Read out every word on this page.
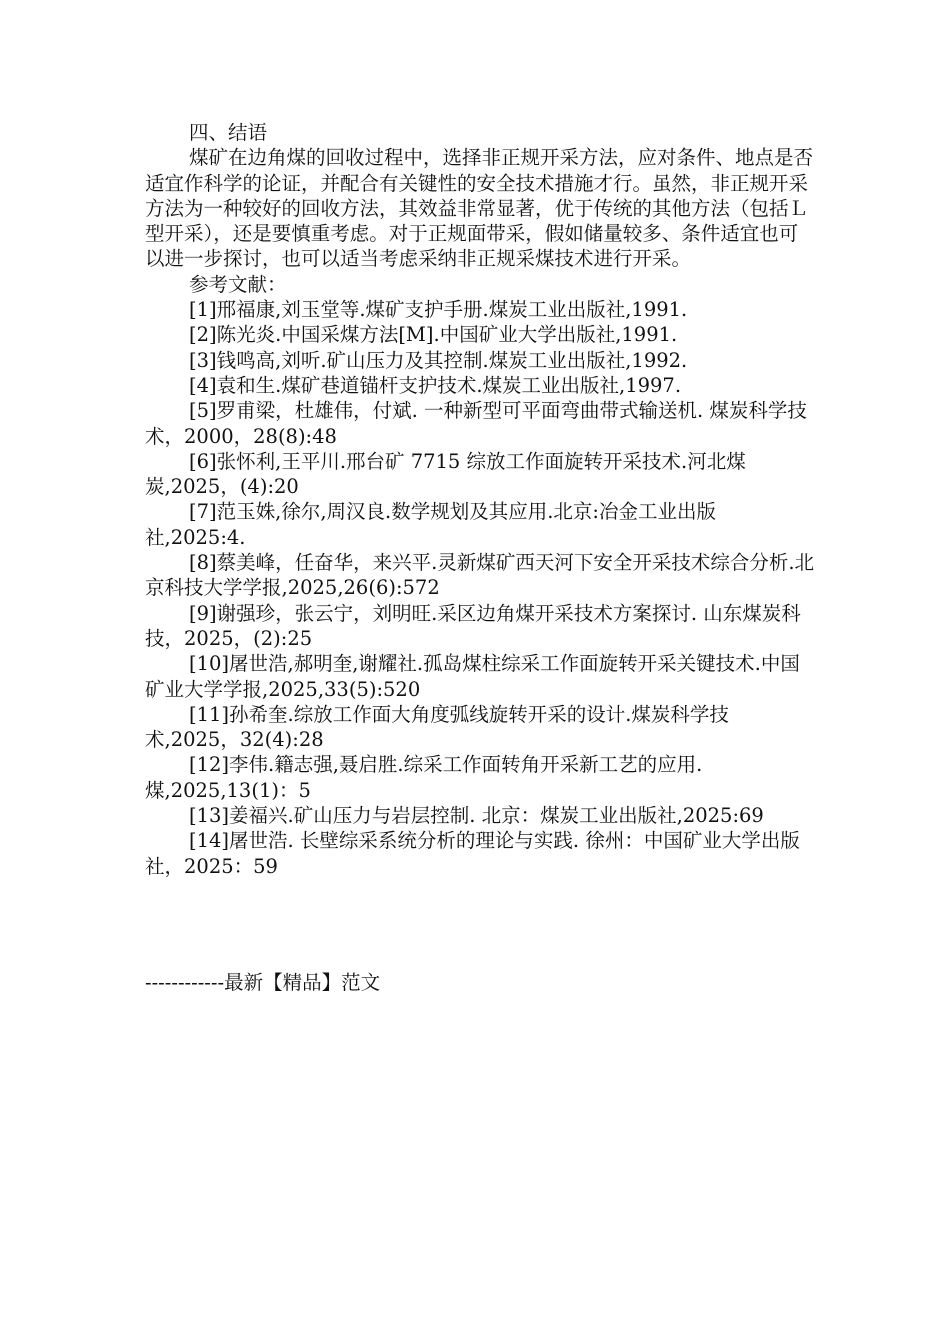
四、结语

煤矿在边角煤的回收过程中，选择非正规开采方法，应对条件、地点是否适宜作科学的论证，并配合有关键性的安全技术措施才行。虽然，非正规开采方法为一种较好的回收方法，其效益非常显著，优于传统的其他方法（包括Ｌ型开采），还是要慎重考虑。对于正规面带采，假如储量较多、条件适宜也可以进一步探讨，也可以适当考虑采纳非正规采煤技术进行开采。

参考文献：

[1]邢福康,刘玉堂等.煤矿支护手册.煤炭工业出版社,1991.

[2]陈光炎.中国采煤方法[M].中国矿业大学出版社,1991.

[3]钱鸣高,刘听.矿山压力及其控制.煤炭工业出版社,1992.

[4]袁和生.煤矿巷道锚杆支护技术.煤炭工业出版社,1997.

[5]罗甫梁，杜雄伟，付斌. 一种新型可平面弯曲带式输送机. 煤炭科学技术，2000，28(8):48

[6]张怀利,王平川.邢台矿 7715 综放工作面旋转开采技术.河北煤炭,2025，(4):20

[7]范玉姝,徐尔,周汉良.数学规划及其应用.北京:冶金工业出版社,2025:4.

[8]蔡美峰，任奋华，来兴平.灵新煤矿西天河下安全开采技术综合分析.北京科技大学学报,2025,26(6):572

[9]谢强珍，张云宁，刘明旺.采区边角煤开采技术方案探讨. 山东煤炭科技，2025，(2):25

[10]屠世浩,郝明奎,谢耀社.孤岛煤柱综采工作面旋转开采关键技术.中国矿业大学学报,2025,33(5):520

[11]孙希奎.综放工作面大角度弧线旋转开采的设计.煤炭科学技术,2025，32(4):28

[12]李伟.籍志强,聂启胜.综采工作面转角开采新工艺的应用. 煤,2025,13(1)：5

[13]姜福兴.矿山压力与岩层控制. 北京：煤炭工业出版社,2025:69

[14]屠世浩. 长壁综采系统分析的理论与实践. 徐州：中国矿业大学出版社，2025：59

------------最新【精品】范文
